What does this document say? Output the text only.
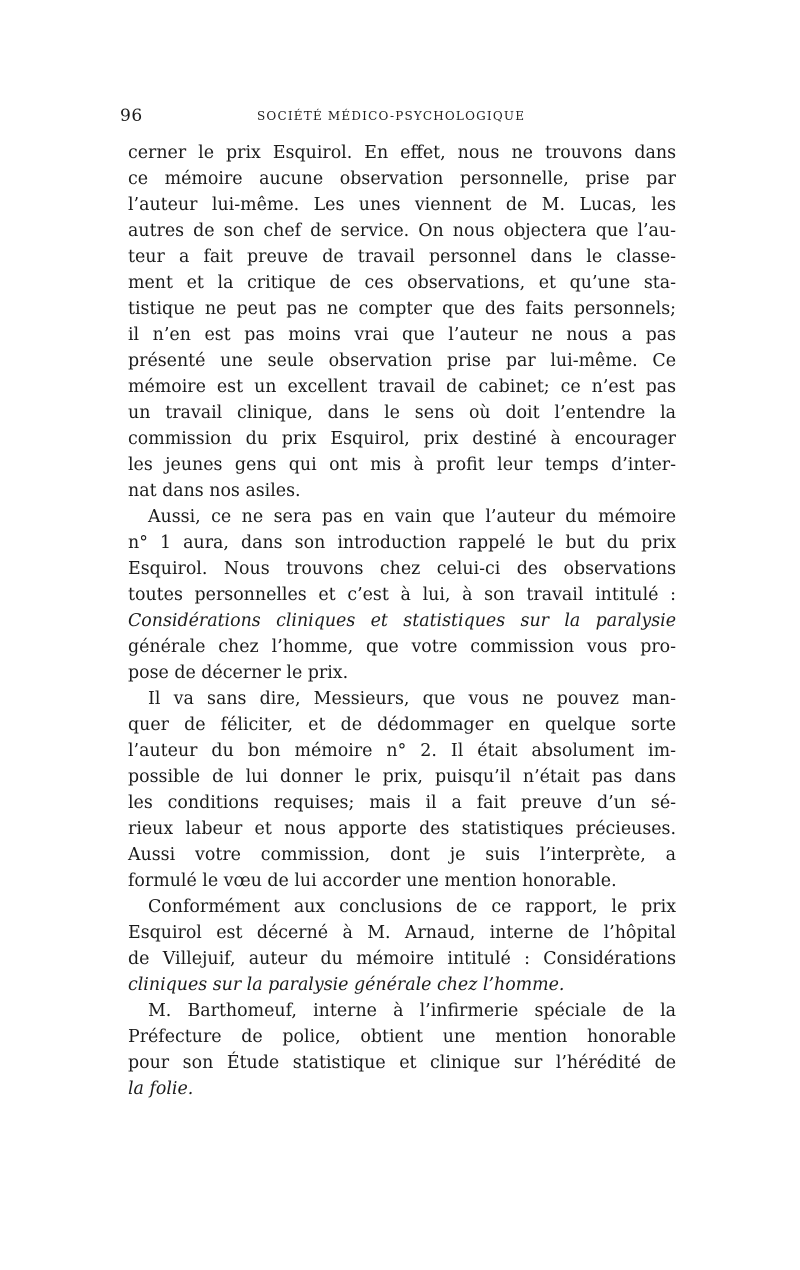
96	SOCIÉTÉ MÉDICO-PSYCHOLOGIQUE
cerner le prix Esquirol. En effet, nous ne trouvons dans
ce mémoire aucune observation personnelle, prise par
l’auteur lui-même. Les unes viennent de M. Lucas, les
autres de son chef de service. On nous objectera que l’au-
teur a fait preuve de travail personnel dans le classe-
ment et la critique de ces observations, et qu’une sta-
tistique ne peut pas ne compter que des faits personnels;
il n’en est pas moins vrai que l’auteur ne nous a pas
présenté une seule observation prise par lui-même. Ce
mémoire est un excellent travail de cabinet; ce n’est pas
un travail clinique, dans le sens où doit l’entendre la
commission du prix Esquirol, prix destiné à encourager
les jeunes gens qui ont mis à profit leur temps d’inter-
nat dans nos asiles.
Aussi, ce ne sera pas en vain que l’auteur du mémoire
n° 1 aura, dans son introduction rappelé le but du prix
Esquirol. Nous trouvons chez celui-ci des observations
toutes personnelles et c’est à lui, à son travail intitulé :
Considérations cliniques et statistiques sur la paralysie
générale chez l’homme, que votre commission vous pro-
pose de décerner le prix.
Il va sans dire, Messieurs, que vous ne pouvez man-
quer de féliciter, et de dédommager en quelque sorte
l’auteur du bon mémoire n° 2. Il était absolument im-
possible de lui donner le prix, puisqu’il n’était pas dans
les conditions requises; mais il a fait preuve d’un sé-
rieux labeur et nous apporte des statistiques précieuses.
Aussi votre commission, dont je suis l’interprète, a
formulé le vœu de lui accorder une mention honorable.
Conformément aux conclusions de ce rapport, le prix
Esquirol est décerné à M. Arnaud, interne de l’hôpital
de Villejuif, auteur du mémoire intitulé : Considérations
cliniques sur la paralysie générale chez l’homme.
M. Barthomeuf, interne à l’infirmerie spéciale de la
Préfecture de police, obtient une mention honorable
pour son Étude statistique et clinique sur l’hérédité de
la folie.
